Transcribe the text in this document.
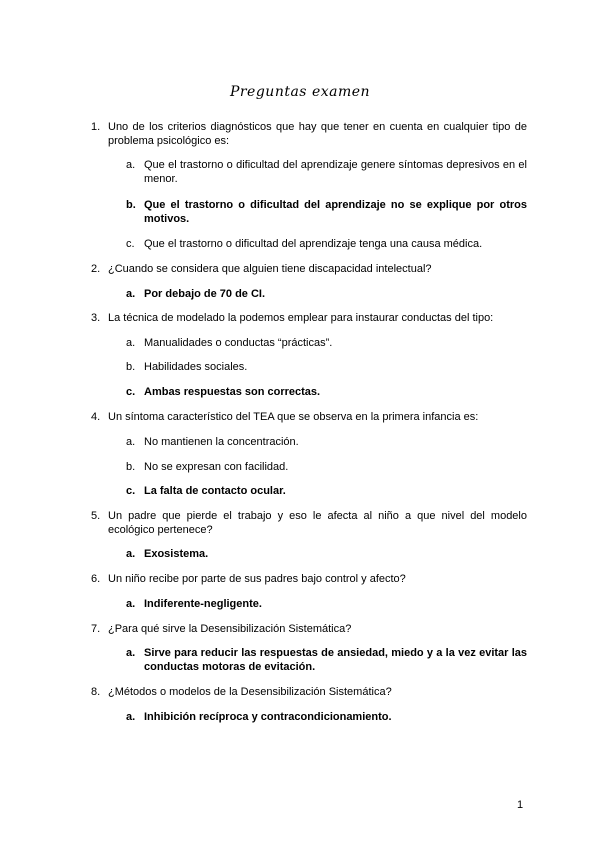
Preguntas examen
1. Uno de los criterios diagnósticos que hay que tener en cuenta en cualquier tipo de problema psicológico es:
a. Que el trastorno o dificultad del aprendizaje genere síntomas depresivos en el menor.
b. Que el trastorno o dificultad del aprendizaje no se explique por otros motivos.
c. Que el trastorno o dificultad del aprendizaje tenga una causa médica.
2. ¿Cuando se considera que alguien tiene discapacidad intelectual?
a. Por debajo de 70 de CI.
3. La técnica de modelado la podemos emplear para instaurar conductas del tipo:
a. Manualidades o conductas “prácticas”.
b. Habilidades sociales.
c. Ambas respuestas son correctas.
4. Un síntoma característico del TEA que se observa en la primera infancia es:
a. No mantienen la concentración.
b. No se expresan con facilidad.
c. La falta de contacto ocular.
5. Un padre que pierde el trabajo y eso le afecta al niño a que nivel del modelo ecológico pertenece?
a. Exosistema.
6. Un niño recibe por parte de sus padres bajo control y afecto?
a. Indiferente-negligente.
7. ¿Para qué sirve la Desensibilización Sistemática?
a. Sirve para reducir las respuestas de ansiedad, miedo y a la vez evitar las conductas motoras de evitación.
8. ¿Métodos o modelos de la Desensibilización Sistemática?
a. Inhibición recíproca y contracondicionamiento.
1
